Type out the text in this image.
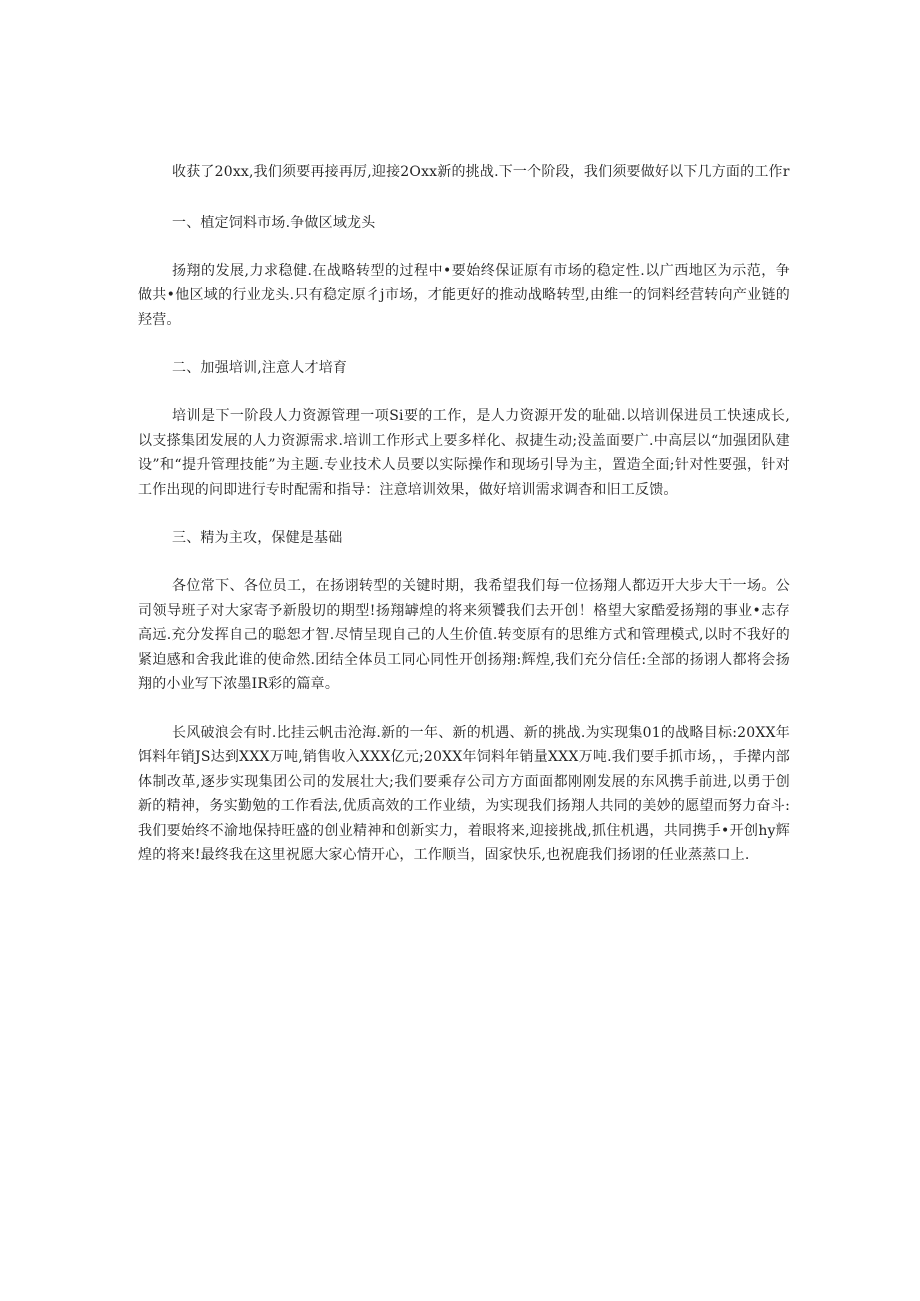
收获了20xx,我们须要再接再厉,迎接2Oxx新的挑战.下一个阶段，我们须要做好以下几方面的工作r

一、植定饲料市场.争做区域龙头

扬翔的发展,力求稳健.在战略转型的过程中•要始终保证原有市场的稳定性.以广西地区为示范，争做共•他区域的行业龙头.只有稳定原彳j市场，才能更好的推动战略转型,由维一的饲料经营转向产业链的羟营。

二、加强培训,注意人才培育

培训是下一阶段人力资源管理一项Si要的工作，是人力资源开发的耻础.以培训保进员工快速成长,以支搽集团发展的人力资源需求.培训工作形式上要多样化、叔捷生动;没盖面要广.中高层以“加强团队建设”和“提升管理技能”为主题.专业技术人员要以实际操作和现场引导为主，置造全面;针对性要强，针对工作出现的问即进行专时配需和指导：注意培训效果，做好培训需求调杳和旧工反馈。

三、精为主攻，保健是基础

各位常下、各位员工，在扬诩转型的关键时期，我希望我们每一位扬翔人都迈开大步大干一场。公司领导班子对大家寄予新殷切的期型!扬翔罅煌的将来须饕我们去开创！格望大家酷爱扬翔的事业•志存高远.充分发挥自己的聪恕才智.尽情呈现自己的人生价值.转变原有的思维方式和管理模式,以时不我好的紧迫感和舍我此谁的使命然.团结全体员工同心同性开创扬翔:辉煌,我们充分信任:全部的扬诩人都将会扬翔的小业写下浓墨IR彩的篇章。

长风破浪会有时.比挂云帆击沧海.新的一年、新的机遇、新的挑战.为实现集01的战略目标:20XX年饵料年销JS达到XXX万吨,销售收入XXX亿元;20XX年饲料年销量XXX万吨.我们要手抓市场，，手撵内部体制改革,逐步实现集团公司的发展壮大;我们要乘存公司方方面面都刚刚发展的东风携手前进,以勇于创新的精神，务实勤勉的工作看法,优质高效的工作业绩，为实现我们扬翔人共同的美妙的愿望而努力奋斗:我们要始终不渝地保持旺盛的创业精神和创新实力，着眼将来,迎接挑战,抓住机遇，共同携手•开创hy辉煌的将来!最终我在这里祝愿大家心情开心，工作顺当，固家快乐,也祝鹿我们扬诩的任业蒸蒸口上.
